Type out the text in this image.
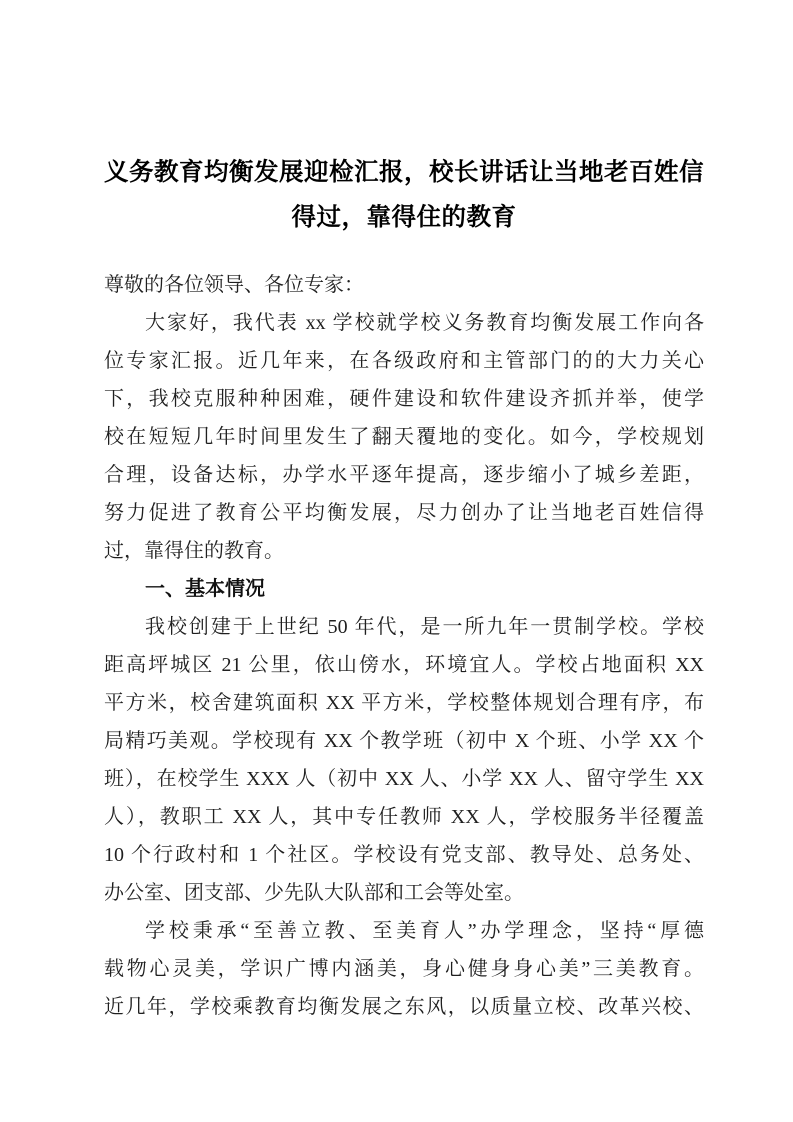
义务教育均衡发展迎检汇报，校长讲话让当地老百姓信
得过，靠得住的教育
尊敬的各位领导、各位专家：
大家好，我代表 xx 学校就学校义务教育均衡发展工作向各
位专家汇报。近几年来，在各级政府和主管部门的的大力关心
下，我校克服种种困难，硬件建设和软件建设齐抓并举，使学
校在短短几年时间里发生了翻天覆地的变化。如今，学校规划
合理，设备达标，办学水平逐年提高，逐步缩小了城乡差距，
努力促进了教育公平均衡发展，尽力创办了让当地老百姓信得
过，靠得住的教育。
一、基本情况
我校创建于上世纪 50 年代，是一所九年一贯制学校。学校
距高坪城区 21 公里，依山傍水，环境宜人。学校占地面积 XX
平方米，校舍建筑面积 XX 平方米，学校整体规划合理有序，布
局精巧美观。学校现有 XX 个教学班（初中 X 个班、小学 XX 个
班），在校学生 XXX 人（初中 XX 人、小学 XX 人、留守学生 XX
人），教职工 XX 人，其中专任教师 XX 人，学校服务半径覆盖
10 个行政村和 1 个社区。学校设有党支部、教导处、总务处、
办公室、团支部、少先队大队部和工会等处室。
学校秉承“至善立教、至美育人”办学理念，坚持“厚德
载物心灵美，学识广博内涵美，身心健身身心美”三美教育。
近几年，学校乘教育均衡发展之东风，以质量立校、改革兴校、
